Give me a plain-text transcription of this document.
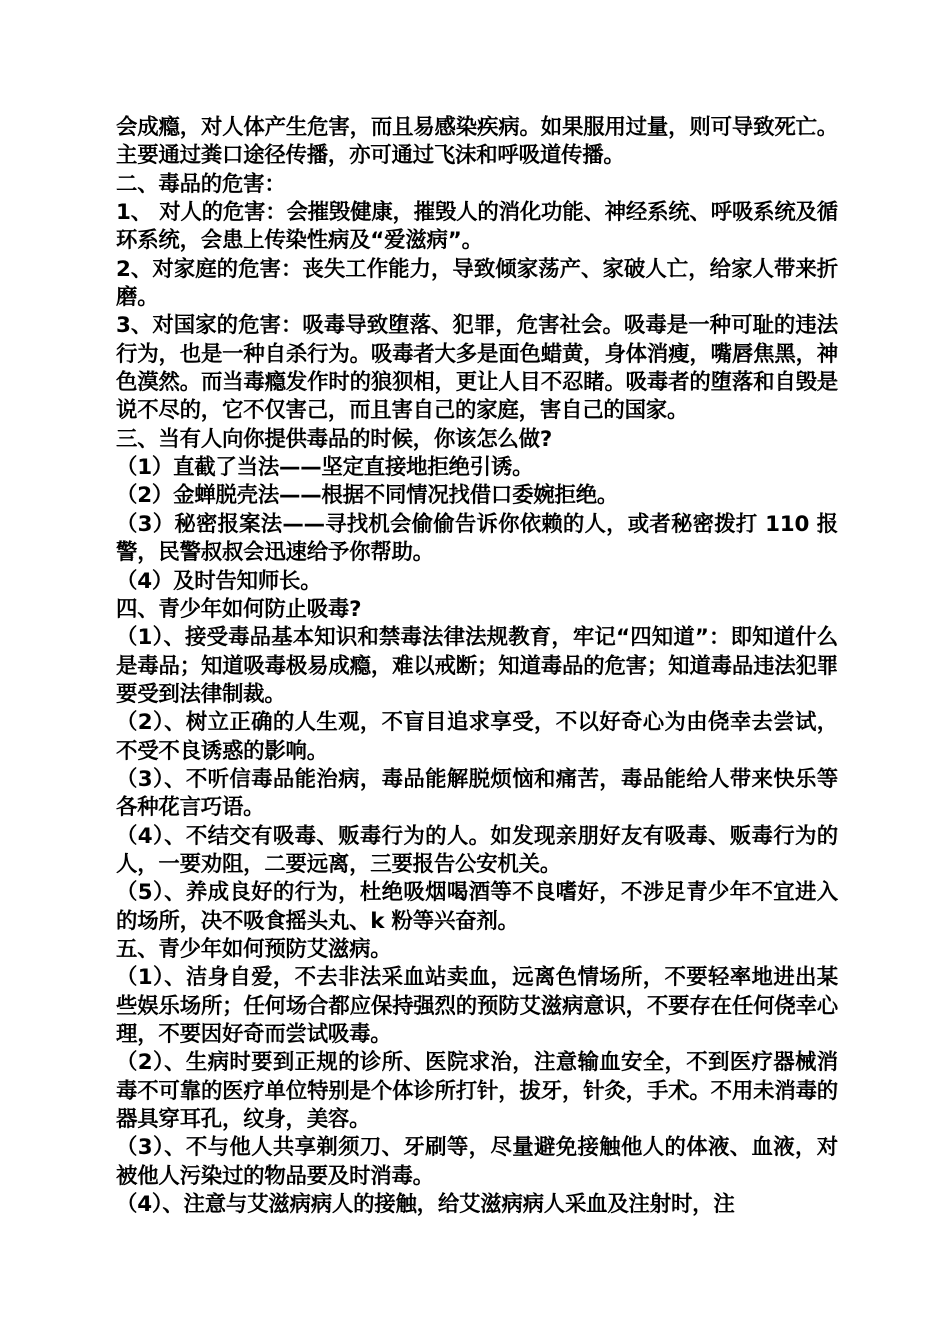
会成瘾，对人体产生危害，而且易感染疾病。如果服用过量，则可导致死亡。主要通过粪口途径传播，亦可通过飞沫和呼吸道传播。

二、毒品的危害：

1、 对人的危害：会摧毁健康，摧毁人的消化功能、神经系统、呼吸系统及循环系统，会患上传染性病及“爱滋病”。

2、对家庭的危害：丧失工作能力，导致倾家荡产、家破人亡，给家人带来折磨。

3、对国家的危害：吸毒导致堕落、犯罪，危害社会。吸毒是一种可耻的违法行为，也是一种自杀行为。吸毒者大多是面色蜡黄，身体消瘦，嘴唇焦黑，神色漠然。而当毒瘾发作时的狼狈相，更让人目不忍睹。吸毒者的堕落和自毁是说不尽的，它不仅害己，而且害自己的家庭，害自己的国家。

三、当有人向你提供毒品的时候，你该怎么做?

（1）直截了当法——坚定直接地拒绝引诱。

（2）金蝉脱壳法——根据不同情况找借口委婉拒绝。

（3）秘密报案法——寻找机会偷偷告诉你依赖的人，或者秘密拨打 110 报警，民警叔叔会迅速给予你帮助。

（4）及时告知师长。

四、青少年如何防止吸毒?

（1）、接受毒品基本知识和禁毒法律法规教育，牢记“四知道”：即知道什么是毒品；知道吸毒极易成瘾，难以戒断；知道毒品的危害；知道毒品违法犯罪要受到法律制裁。

（2）、树立正确的人生观，不盲目追求享受，不以好奇心为由侥幸去尝试，不受不良诱惑的影响。

（3）、不听信毒品能治病，毒品能解脱烦恼和痛苦，毒品能给人带来快乐等各种花言巧语。

（4）、不结交有吸毒、贩毒行为的人。如发现亲朋好友有吸毒、贩毒行为的人，一要劝阻，二要远离，三要报告公安机关。

（5）、养成良好的行为，杜绝吸烟喝酒等不良嗜好，不涉足青少年不宜进入的场所，决不吸食摇头丸、k 粉等兴奋剂。

五、青少年如何预防艾滋病。

（1）、洁身自爱，不去非法采血站卖血，远离色情场所，不要轻率地进出某些娱乐场所；任何场合都应保持强烈的预防艾滋病意识，不要存在任何侥幸心 理，不要因好奇而尝试吸毒。

（2）、生病时要到正规的诊所、医院求治，注意输血安全，不到医疗器械消毒不可靠的医疗单位特别是个体诊所打针，拔牙，针灸，手术。不用未消毒的器具穿耳孔，纹身，美容。

（3）、不与他人共享剃须刀、牙刷等，尽量避免接触他人的体液、血液，对被他人污染过的物品要及时消毒。

（4）、注意与艾滋病病人的接触，给艾滋病病人采血及注射时，注
